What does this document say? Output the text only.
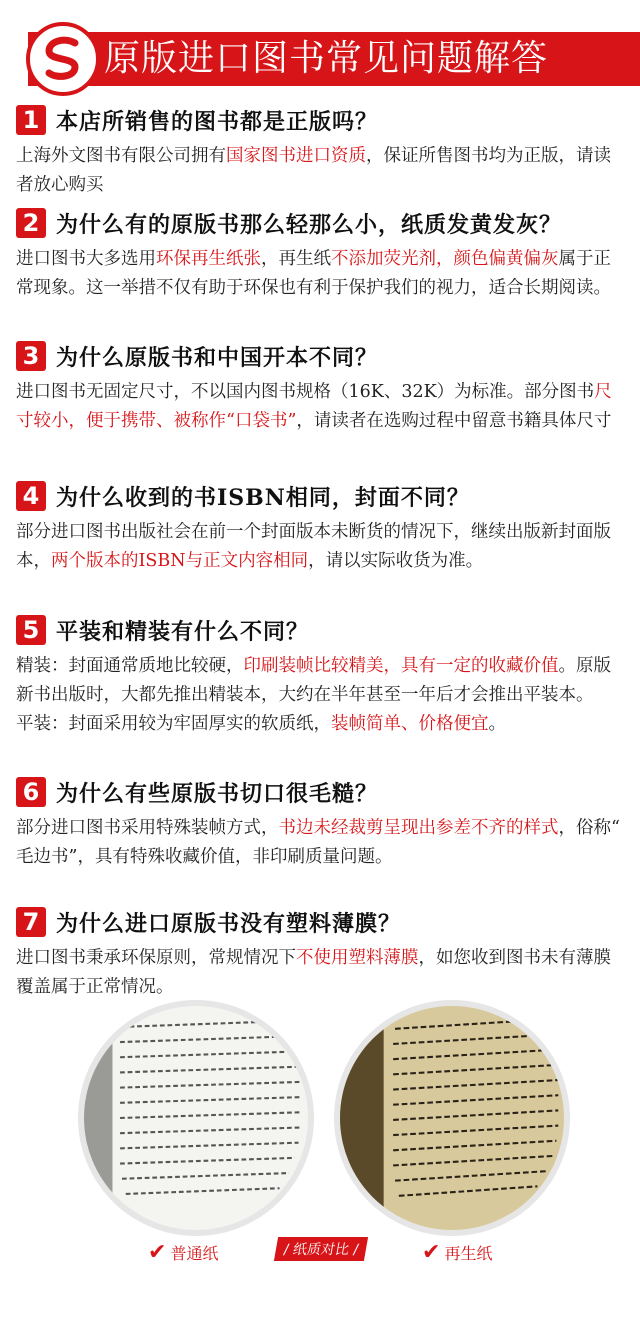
原版进口图书常见问题解答
1 本店所销售的图书都是正版吗？
上海外文图书有限公司拥有国家图书进口资质，保证所售图书均为正版，请读者放心购买
2 为什么有的原版书那么轻那么小，纸质发黄发灰？
进口图书大多选用环保再生纸张，再生纸不添加荧光剂，颜色偏黄偏灰属于正常现象。这一举措不仅有助于环保也有利于保护我们的视力，适合长期阅读。
3 为什么原版书和中国开本不同？
进口图书无固定尺寸，不以国内图书规格（16K、32K）为标准。部分图书尺寸较小，便于携带、被称作“口袋书”，请读者在选购过程中留意书籍具体尺寸
4 为什么收到的书ISBN相同，封面不同？
部分进口图书出版社会在前一个封面版本未断货的情况下，继续出版新封面版本，两个版本的ISBN与正文内容相同，请以实际收货为准。
5 平装和精装有什么不同？
精装：封面通常质地比较硬，印刷装帧比较精美，具有一定的收藏价值。原版新书出版时，大都先推出精装本，大约在半年甚至一年后才会推出平装本。
平装：封面采用较为牢固厚实的软质纸，装帧简单、价格便宜。
6 为什么有些原版书切口很毛糙？
部分进口图书采用特殊装帧方式，书边未经裁剪呈现出参差不齐的样式，俗称“　毛边书”，具有特殊收藏价值，非印刷质量问题。
7 为什么进口原版书没有塑料薄膜？
进口图书秉承环保原则，常规情况下不使用塑料薄膜，如您收到图书未有薄膜覆盖属于正常情况。
✔ 普通纸	/ 纸质对比 /	✔ 再生纸
